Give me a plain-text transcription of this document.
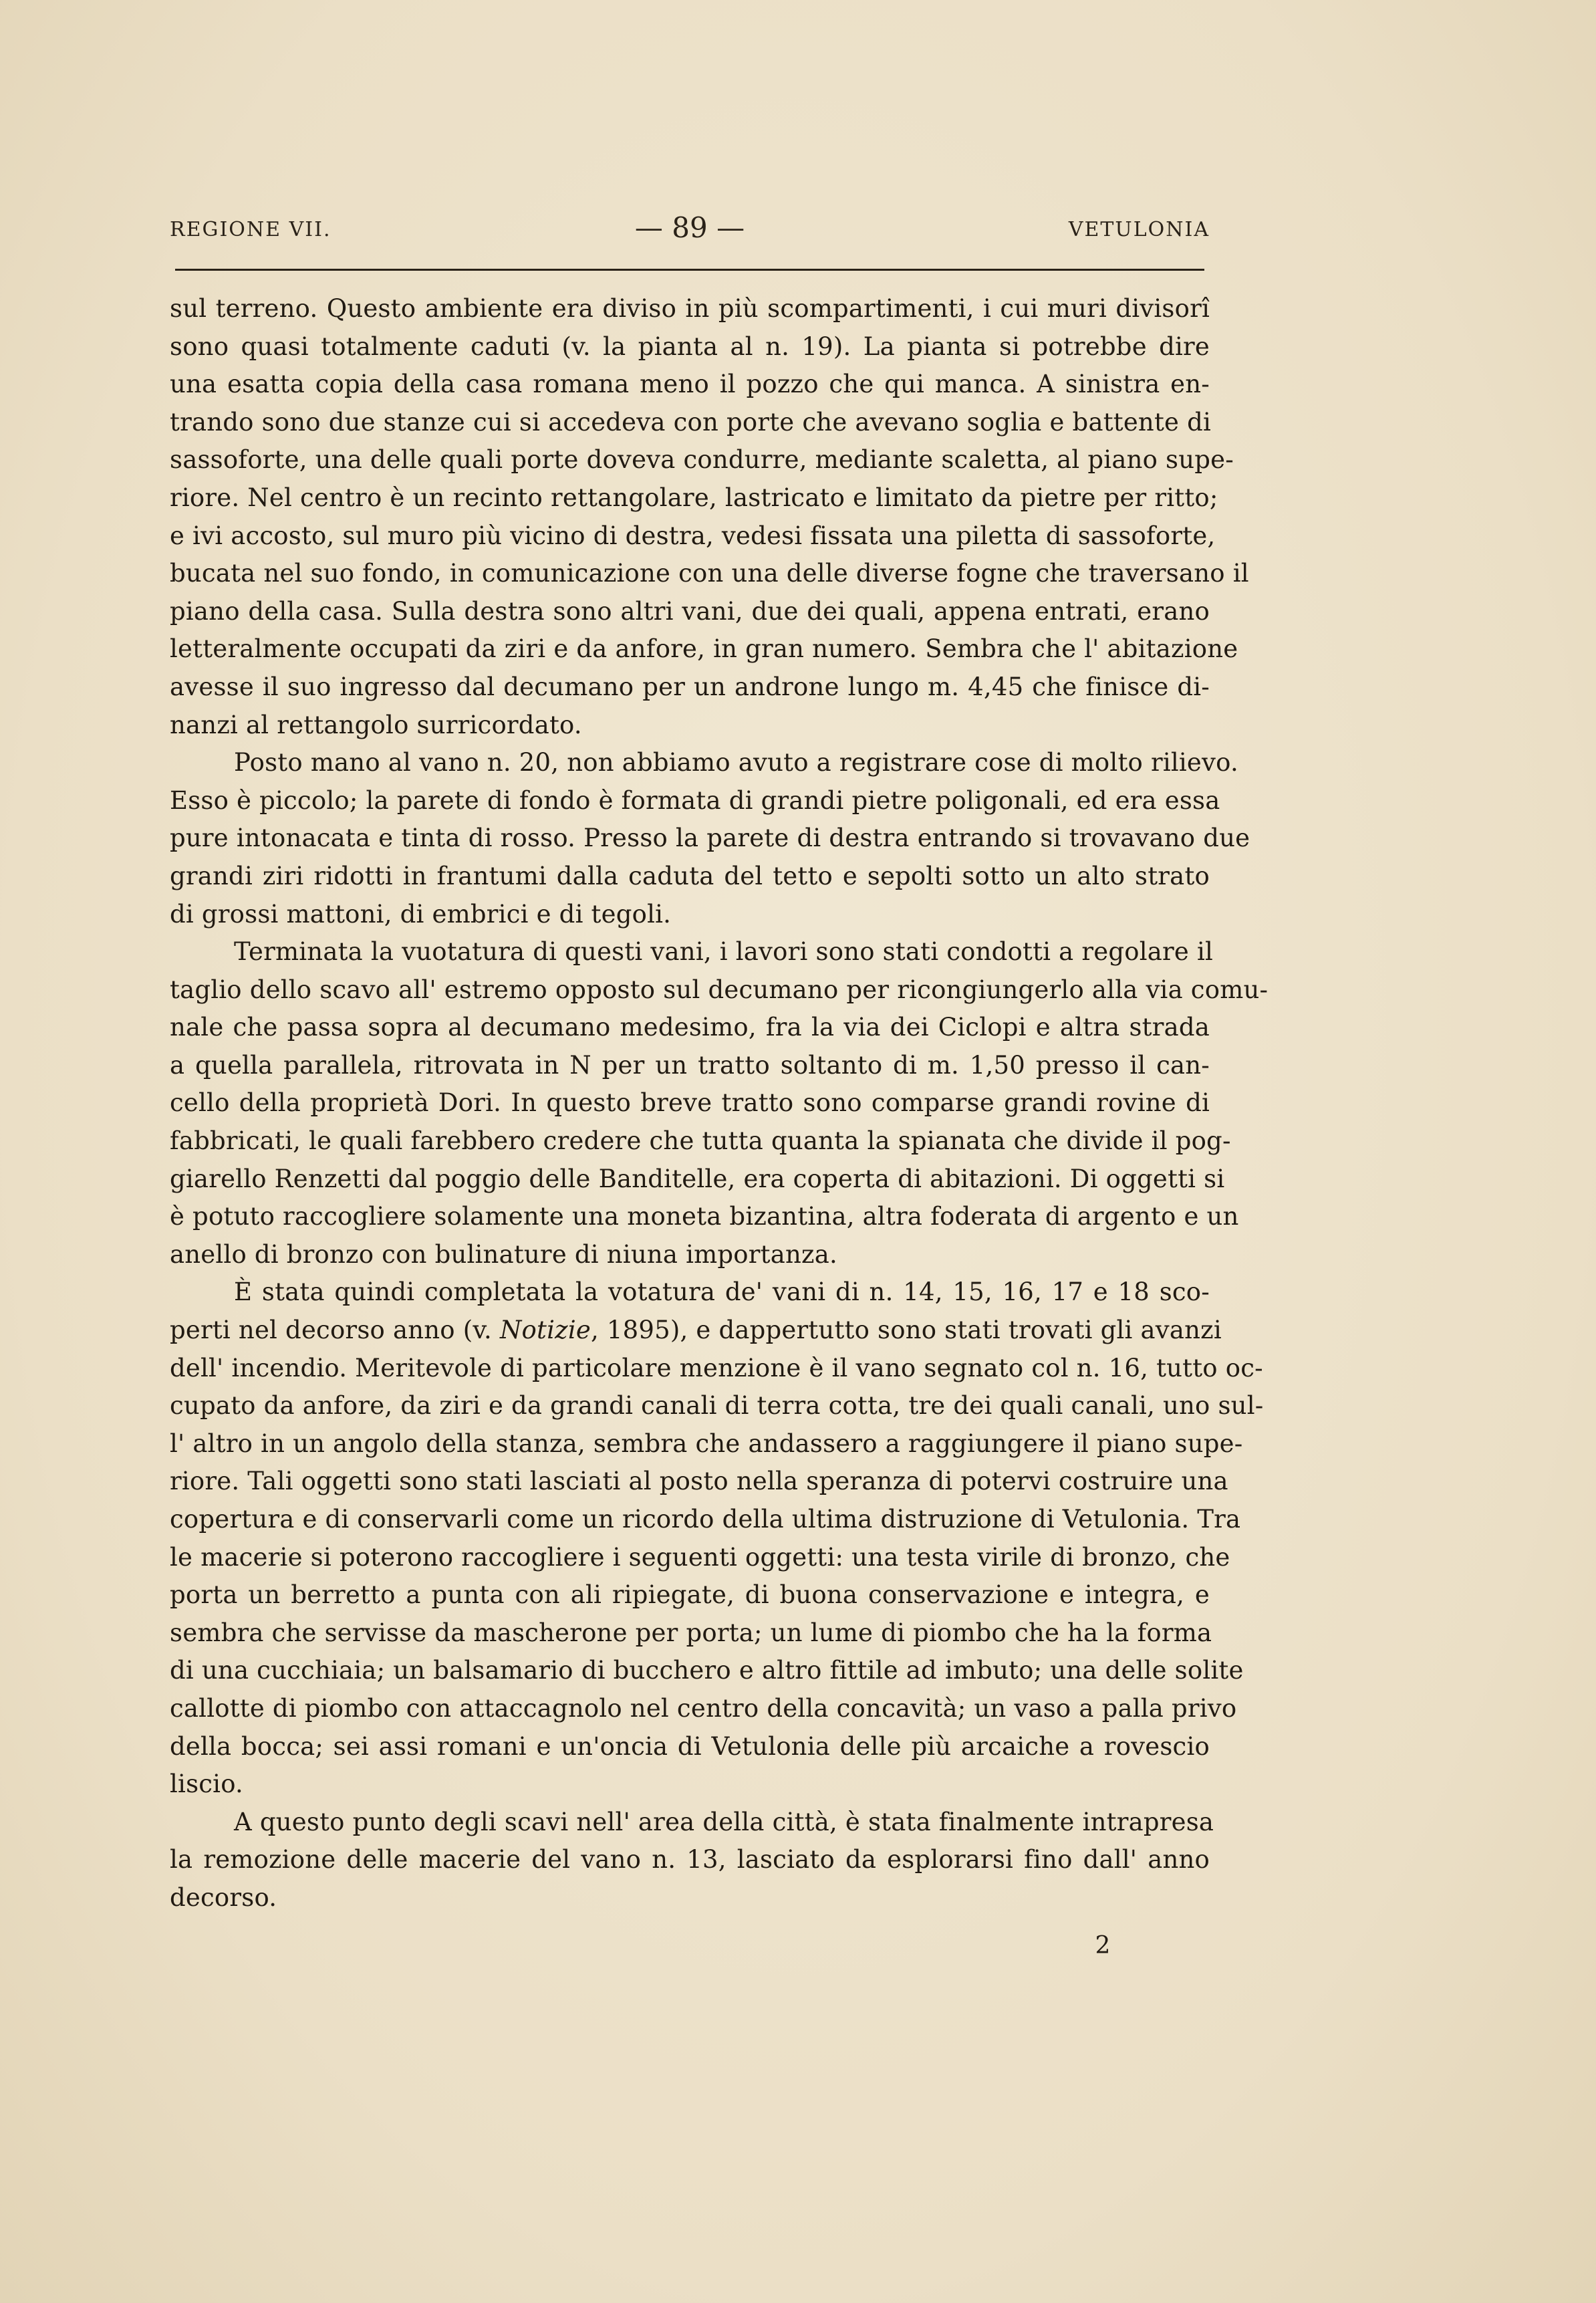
REGIONE VII.	— 89 —	VETULONIA
sul terreno. Questo ambiente era diviso in più scompartimenti, i cui muri divisorî
sono quasi totalmente caduti (v. la pianta al n. 19). La pianta si potrebbe dire
una esatta copia della casa romana meno il pozzo che qui manca. A sinistra en-
trando sono due stanze cui si accedeva con porte che avevano soglia e battente di
sassoforte, una delle quali porte doveva condurre, mediante scaletta, al piano supe-
riore. Nel centro è un recinto rettangolare, lastricato e limitato da pietre per ritto;
e ivi accosto, sul muro più vicino di destra, vedesi fissata una piletta di sassoforte,
bucata nel suo fondo, in comunicazione con una delle diverse fogne che traversano il
piano della casa. Sulla destra sono altri vani, due dei quali, appena entrati, erano
letteralmente occupati da ziri e da anfore, in gran numero. Sembra che l' abitazione
avesse il suo ingresso dal decumano per un androne lungo m. 4,45 che finisce di-
nanzi al rettangolo surricordato.
Posto mano al vano n. 20, non abbiamo avuto a registrare cose di molto rilievo.
Esso è piccolo; la parete di fondo è formata di grandi pietre poligonali, ed era essa
pure intonacata e tinta di rosso. Presso la parete di destra entrando si trovavano due
grandi ziri ridotti in frantumi dalla caduta del tetto e sepolti sotto un alto strato
di grossi mattoni, di embrici e di tegoli.
Terminata la vuotatura di questi vani, i lavori sono stati condotti a regolare il
taglio dello scavo all' estremo opposto sul decumano per ricongiungerlo alla via comu-
nale che passa sopra al decumano medesimo, fra la via dei Ciclopi e altra strada
a quella parallela, ritrovata in N per un tratto soltanto di m. 1,50 presso il can-
cello della proprietà Dori. In questo breve tratto sono comparse grandi rovine di
fabbricati, le quali farebbero credere che tutta quanta la spianata che divide il pog-
giarello Renzetti dal poggio delle Banditelle, era coperta di abitazioni. Di oggetti si
è potuto raccogliere solamente una moneta bizantina, altra foderata di argento e un
anello di bronzo con bulinature di niuna importanza.
È stata quindi completata la votatura de' vani di n. 14, 15, 16, 17 e 18 sco-
perti nel decorso anno (v. Notizie, 1895), e dappertutto sono stati trovati gli avanzi
dell' incendio. Meritevole di particolare menzione è il vano segnato col n. 16, tutto oc-
cupato da anfore, da ziri e da grandi canali di terra cotta, tre dei quali canali, uno sul-
l' altro in un angolo della stanza, sembra che andassero a raggiungere il piano supe-
riore. Tali oggetti sono stati lasciati al posto nella speranza di potervi costruire una
copertura e di conservarli come un ricordo della ultima distruzione di Vetulonia. Tra
le macerie si poterono raccogliere i seguenti oggetti: una testa virile di bronzo, che
porta un berretto a punta con ali ripiegate, di buona conservazione e integra, e
sembra che servisse da mascherone per porta; un lume di piombo che ha la forma
di una cucchiaia; un balsamario di bucchero e altro fittile ad imbuto; una delle solite
callotte di piombo con attaccagnolo nel centro della concavità; un vaso a palla privo
della bocca; sei assi romani e un'oncia di Vetulonia delle più arcaiche a rovescio
liscio.
A questo punto degli scavi nell' area della città, è stata finalmente intrapresa
la remozione delle macerie del vano n. 13, lasciato da esplorarsi fino dall' anno
decorso.
2
